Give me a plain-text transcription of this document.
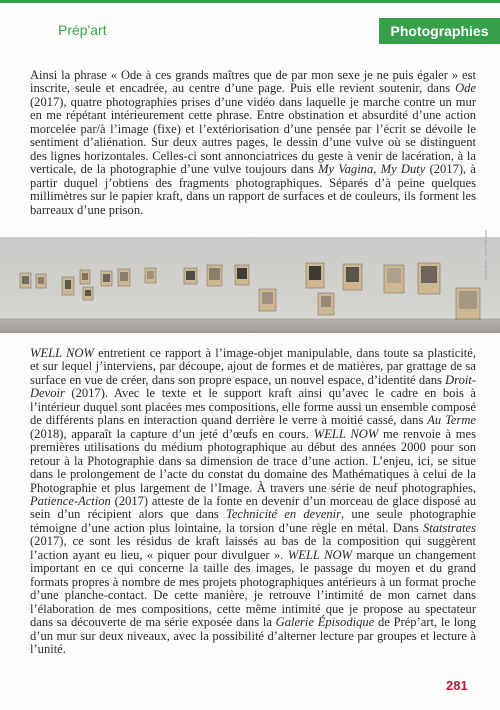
Prép'art	Photographies

Ainsi la phrase « Ode à ces grands maîtres que de par mon sexe je ne puis égaler » est inscrite, seule et encadrée, au centre d’une page. Puis elle revient soutenir, dans Ode (2017), quatre photographies prises d’une vidéo dans laquelle je marche contre un mur en me répétant intérieurement cette phrase. Entre obstination et absurdité d’une action morcelée par/à l’image (fixe) et l’extériorisation d’une pensée par l’écrit se dévoile le sentiment d’aliénation. Sur deux autres pages, le dessin d’une vulve où se distinguent des lignes horizontales. Celles-ci sont annonciatrices du geste à venir de lacération, à la verticale, de la photographie d’une vulve toujours dans My Vagina, My Duty (2017), à partir duquel j’obtiens des fragments photographiques. Séparés d’à peine quelques millimètres sur le papier kraft, dans un rapport de surfaces et de couleurs, ils forment les barreaux d’une prison.

crédit photo : Karim Elmaazi

WELL NOW entretient ce rapport à l’image-objet manipulable, dans toute sa plasticité, et sur lequel j’interviens, par découpe, ajout de formes et de matières, par grattage de sa surface en vue de créer, dans son propre espace, un nouvel espace, d’identité dans Droit-Devoir (2017). Avec le texte et le support kraft ainsi qu’avec le cadre en bois à l’intérieur duquel sont placées mes compositions, elle forme aussi un ensemble composé de différents plans en interaction quand derrière le verre à moitié cassé, dans Au Terme (2018), apparaît la capture d’un jeté d’œufs en cours. WELL NOW me renvoie à mes premières utilisations du médium photographique au début des années 2000 pour son retour à la Photographie dans sa dimension de trace d’une action. L’enjeu, ici, se situe dans le prolongement de l’acte du constat du domaine des Mathématiques à celui de la Photographie et plus largement de l’Image. À travers une série de neuf photographies, Patience-Action (2017) atteste de la fonte en devenir d’un morceau de glace disposé au sein d’un récipient alors que dans Technicité en devenir, une seule photographie témoigne d’une action plus lointaine, la torsion d’une règle en métal. Dans Statstrates (2017), ce sont les résidus de kraft laissés au bas de la composition qui suggèrent l’action ayant eu lieu, « piquer pour divulguer ». WELL NOW marque un changement important en ce qui concerne la taille des images, le passage du moyen et du grand formats propres à nombre de mes projets photographiques antérieurs à un format proche d’une planche-contact. De cette manière, je retrouve l’intimité de mon carnet dans l’élaboration de mes compositions, cette même intimité que je propose au spectateur dans sa découverte de ma série exposée dans la Galerie Épisodique de Prép’art, le long d’un mur sur deux niveaux, avec la possibilité d’alterner lecture par groupes et lecture à l’unité.

281
